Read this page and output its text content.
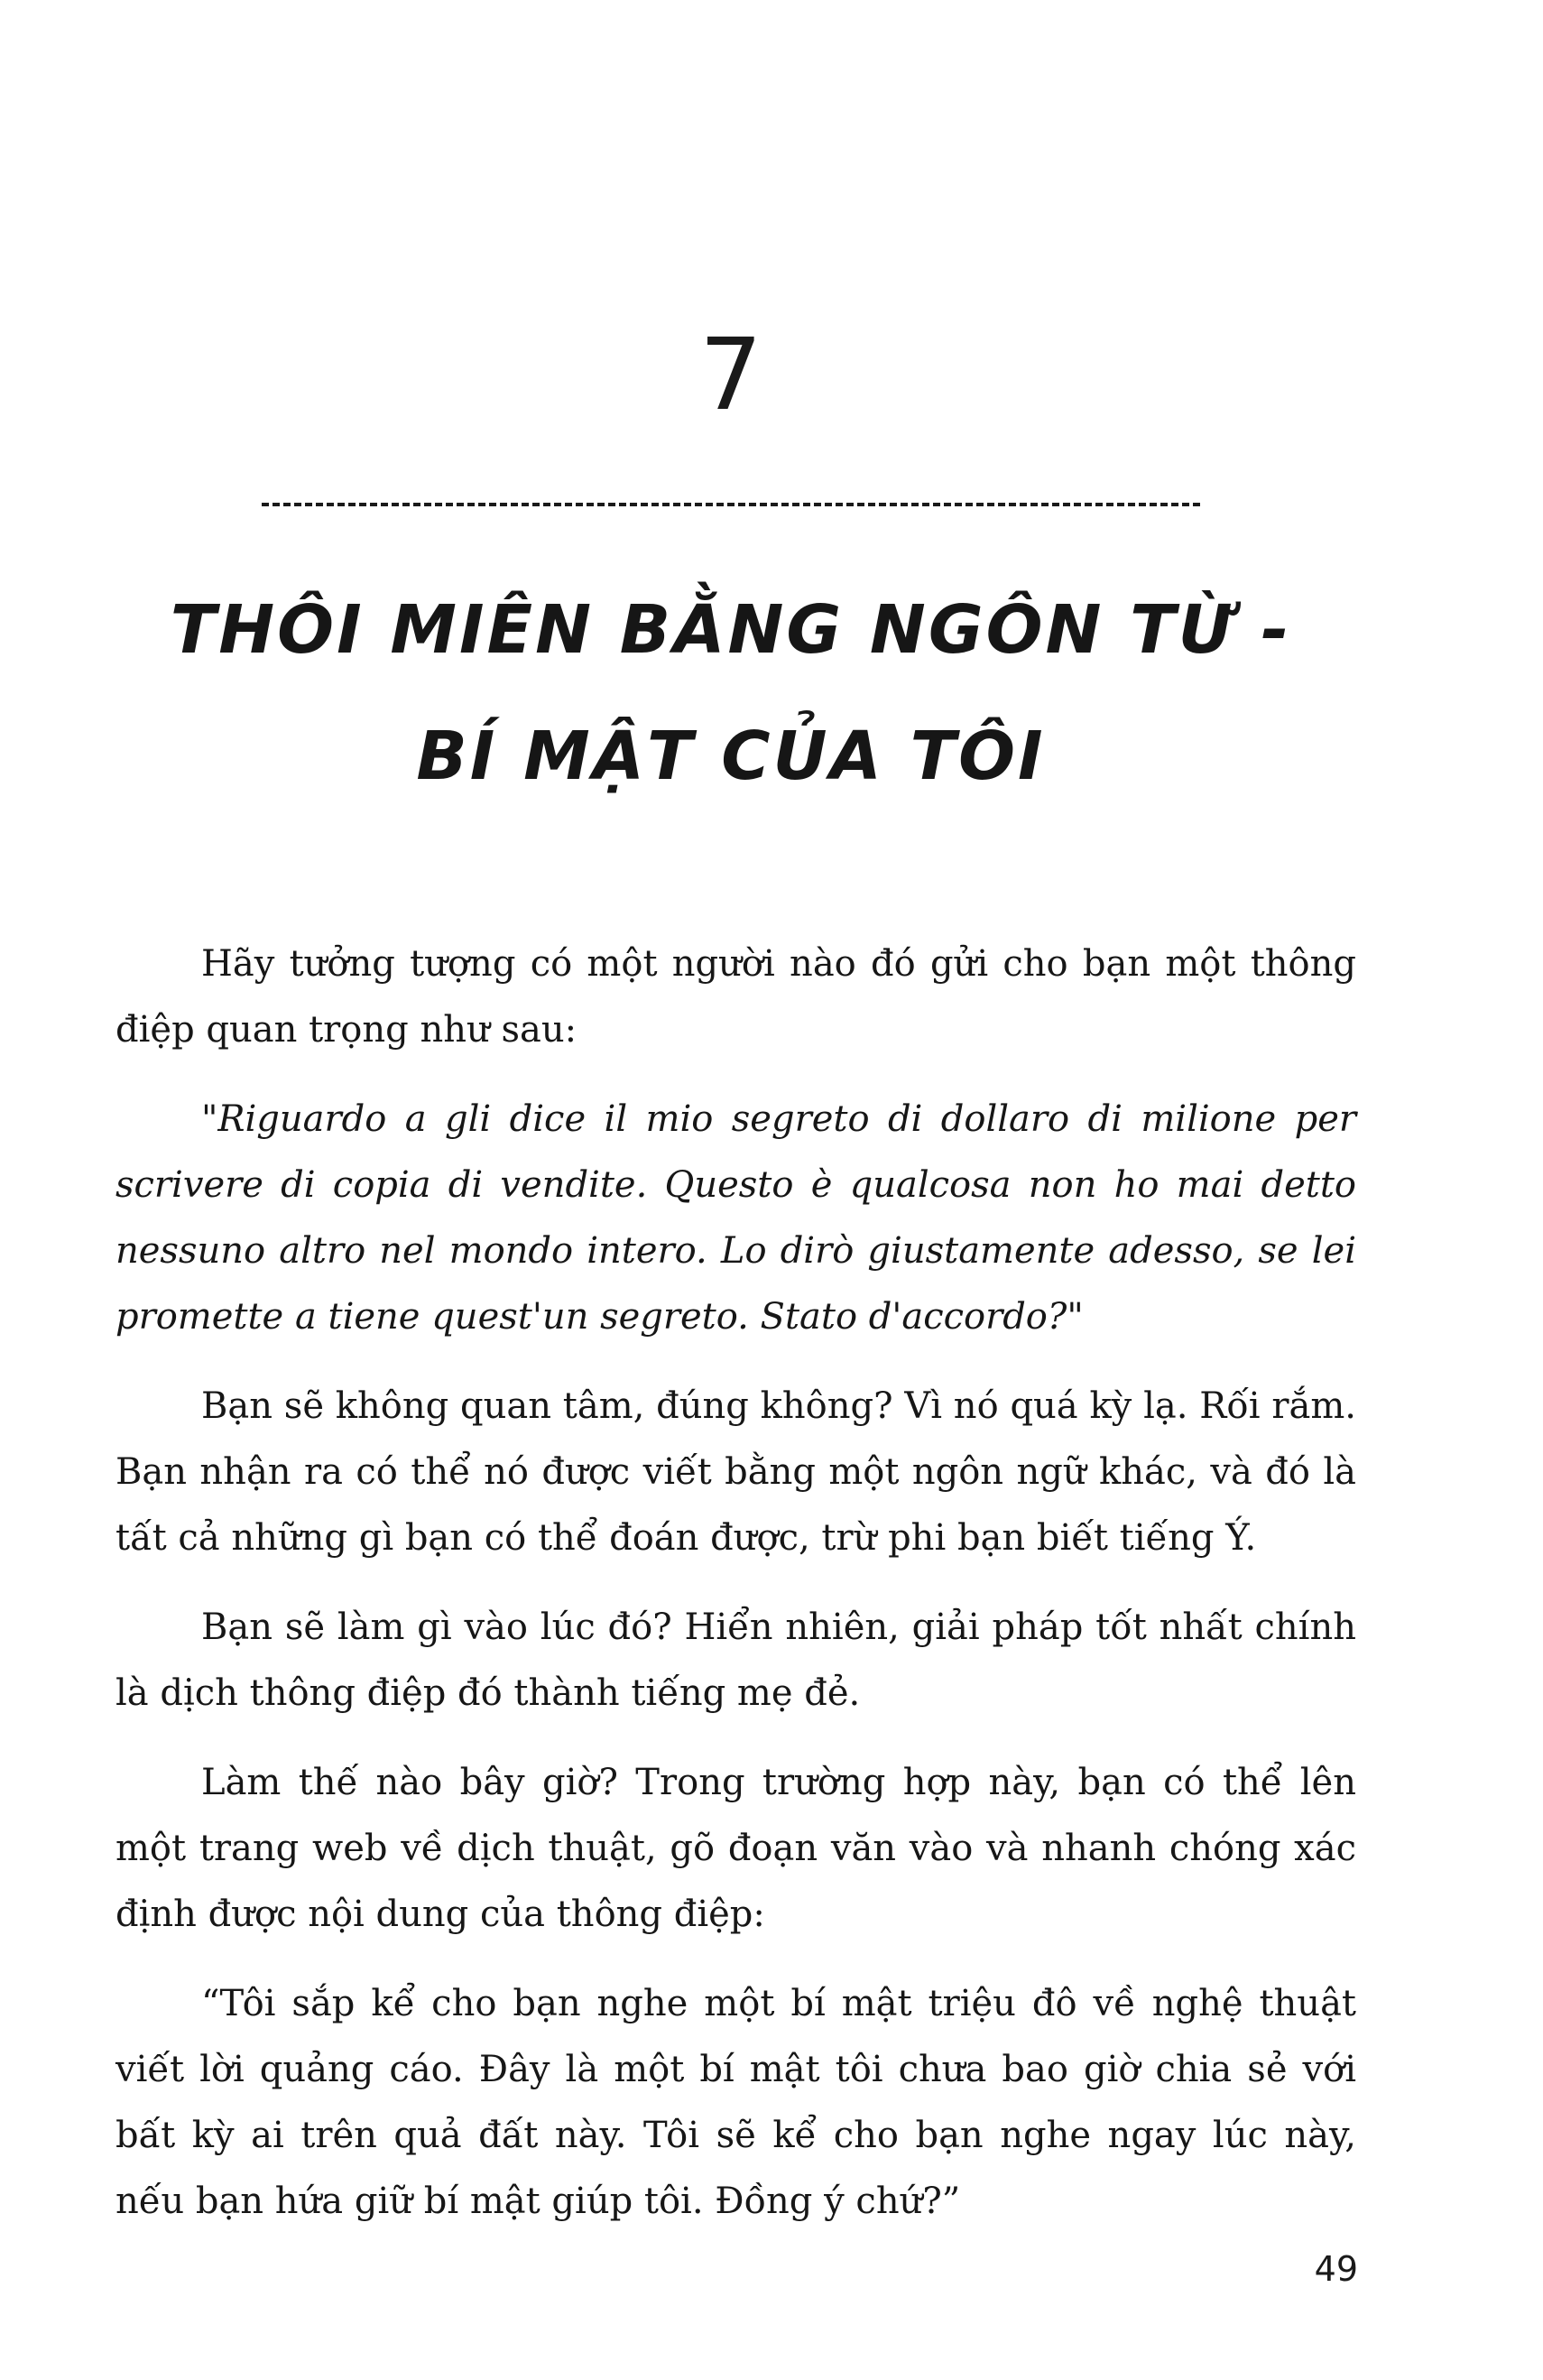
7
THÔI MIÊN BẰNG NGÔN TỪ -
BÍ MẬT CỦA TÔI

Hãy tưởng tượng có một người nào đó gửi cho bạn một thông điệp quan trọng như sau:

"Riguardo a gli dice il mio segreto di dollaro di milione per scrivere di copia di vendite. Questo è qualcosa non ho mai detto nessuno altro nel mondo intero. Lo dirò giustamente adesso, se lei promette a tiene quest'un segreto. Stato d'accordo?"

Bạn sẽ không quan tâm, đúng không? Vì nó quá kỳ lạ. Rối rắm. Bạn nhận ra có thể nó được viết bằng một ngôn ngữ khác, và đó là tất cả những gì bạn có thể đoán được, trừ phi bạn biết tiếng Ý.

Bạn sẽ làm gì vào lúc đó? Hiển nhiên, giải pháp tốt nhất chính là dịch thông điệp đó thành tiếng mẹ đẻ.

Làm thế nào bây giờ? Trong trường hợp này, bạn có thể lên một trang web về dịch thuật, gõ đoạn văn vào và nhanh chóng xác định được nội dung của thông điệp:

“Tôi sắp kể cho bạn nghe một bí mật triệu đô về nghệ thuật viết lời quảng cáo. Đây là một bí mật tôi chưa bao giờ chia sẻ với bất kỳ ai trên quả đất này. Tôi sẽ kể cho bạn nghe ngay lúc này, nếu bạn hứa giữ bí mật giúp tôi. Đồng ý chứ?”

49
